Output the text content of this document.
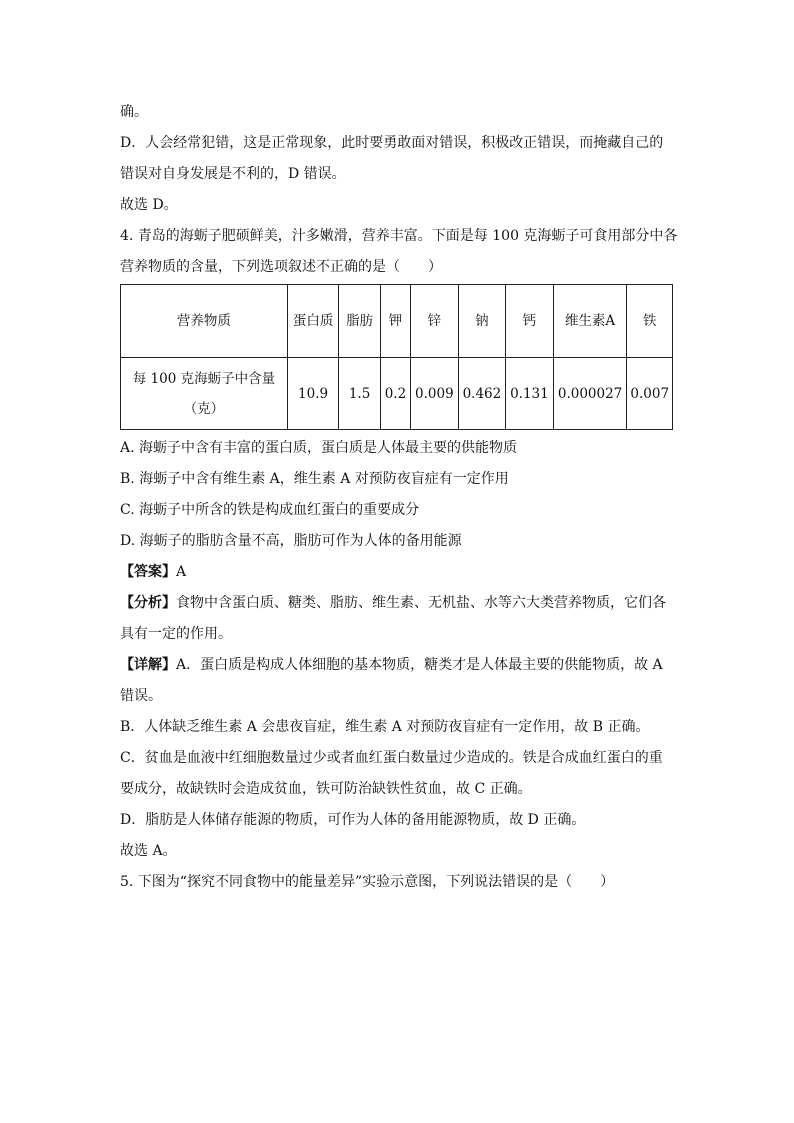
确。
D．人会经常犯错，这是正常现象，此时要勇敢面对错误，积极改正错误，而掩藏自己的
错误对自身发展是不利的，D 错误。
故选 D。
4. 青岛的海蛎子肥硕鲜美，汁多嫩滑，营养丰富。下面是每 100 克海蛎子可食用部分中各
营养物质的含量，下列选项叙述不正确的是（　　）
营养物质	蛋白质	脂肪	钾	锌	钠	钙	维生素A	铁
每 100 克海蛎子中含量（克）	10.9	1.5	0.2	0.009	0.462	0.131	0.000027	0.007
A. 海蛎子中含有丰富的蛋白质，蛋白质是人体最主要的供能物质
B. 海蛎子中含有维生素 A，维生素 A 对预防夜盲症有一定作用
C. 海蛎子中所含的铁是构成血红蛋白的重要成分
D. 海蛎子的脂肪含量不高，脂肪可作为人体的备用能源
【答案】A
【分析】食物中含蛋白质、糖类、脂肪、维生素、无机盐、水等六大类营养物质，它们各
具有一定的作用。
【详解】A．蛋白质是构成人体细胞的基本物质，糖类才是人体最主要的供能物质，故 A
错误。
B．人体缺乏维生素 A 会患夜盲症，维生素 A 对预防夜盲症有一定作用，故 B 正确。
C．贫血是血液中红细胞数量过少或者血红蛋白数量过少造成的。铁是合成血红蛋白的重
要成分，故缺铁时会造成贫血，铁可防治缺铁性贫血，故 C 正确。
D．脂肪是人体储存能源的物质，可作为人体的备用能源物质，故 D 正确。
故选 A。
5. 下图为“探究不同食物中的能量差异”实验示意图，下列说法错误的是（　　）
